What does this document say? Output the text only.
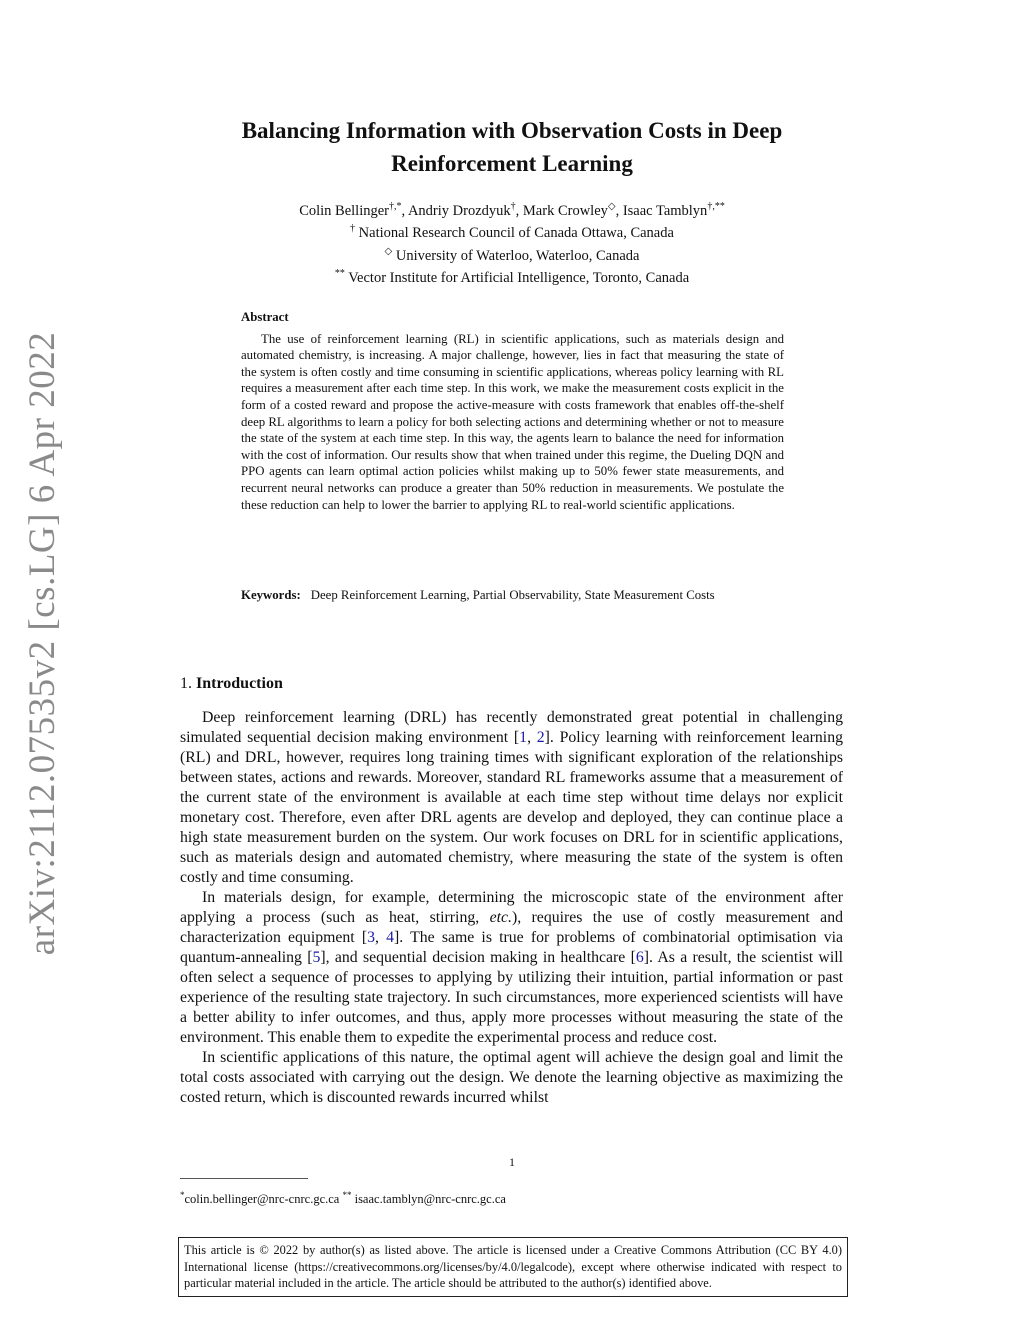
arXiv:2112.07535v2 [cs.LG] 6 Apr 2022
Balancing Information with Observation Costs in Deep
Reinforcement Learning
Colin Bellinger†,*, Andriy Drozdyuk†, Mark Crowley◇, Isaac Tamblyn†,**
† National Research Council of Canada Ottawa, Canada
◇ University of Waterloo, Waterloo, Canada
** Vector Institute for Artificial Intelligence, Toronto, Canada
Abstract
The use of reinforcement learning (RL) in scientific applications, such as materials design and automated chemistry, is increasing. A major challenge, however, lies in fact that measuring the state of the system is often costly and time consuming in scientific applications, whereas policy learning with RL requires a measurement after each time step. In this work, we make the measurement costs explicit in the form of a costed reward and propose the active-measure with costs framework that enables off-the-shelf deep RL algorithms to learn a policy for both selecting actions and determining whether or not to measure the state of the system at each time step. In this way, the agents learn to balance the need for information with the cost of information. Our results show that when trained under this regime, the Dueling DQN and PPO agents can learn optimal action policies whilst making up to 50% fewer state measurements, and recurrent neural networks can produce a greater than 50% reduction in measurements. We postulate the these reduction can help to lower the barrier to applying RL to real-world scientific applications.
Keywords: Deep Reinforcement Learning, Partial Observability, State Measurement Costs
1. Introduction

Deep reinforcement learning (DRL) has recently demonstrated great potential in challenging simulated sequential decision making environment [1, 2]. Policy learning with reinforcement learning (RL) and DRL, however, requires long training times with significant exploration of the relationships between states, actions and rewards. Moreover, standard RL frameworks assume that a measurement of the current state of the environment is available at each time step without time delays nor explicit monetary cost. Therefore, even after DRL agents are develop and deployed, they can continue place a high state measurement burden on the system. Our work focuses on DRL for in scientific applications, such as materials design and automated chemistry, where measuring the state of the system is often costly and time consuming.

In materials design, for example, determining the microscopic state of the environment after applying a process (such as heat, stirring, etc.), requires the use of costly measurement and characterization equipment [3, 4]. The same is true for problems of combinatorial optimisation via quantum-annealing [5], and sequential decision making in healthcare [6]. As a result, the scientist will often select a sequence of processes to applying by utilizing their intuition, partial information or past experience of the resulting state trajectory. In such circumstances, more experienced scientists will have a better ability to infer outcomes, and thus, apply more processes without measuring the state of the environment. This enable them to expedite the experimental process and reduce cost.

In scientific applications of this nature, the optimal agent will achieve the design goal and limit the total costs associated with carrying out the design. We denote the learning objective as maximizing the costed return, which is discounted rewards incurred whilst

1
*colin.bellinger@nrc-cnrc.gc.ca ** isaac.tamblyn@nrc-cnrc.gc.ca
This article is © 2022 by author(s) as listed above. The article is licensed under a Creative Commons Attribution (CC BY 4.0) International license (https://creativecommons.org/licenses/by/4.0/legalcode), except where otherwise indicated with respect to particular material included in the article. The article should be attributed to the author(s) identified above.
